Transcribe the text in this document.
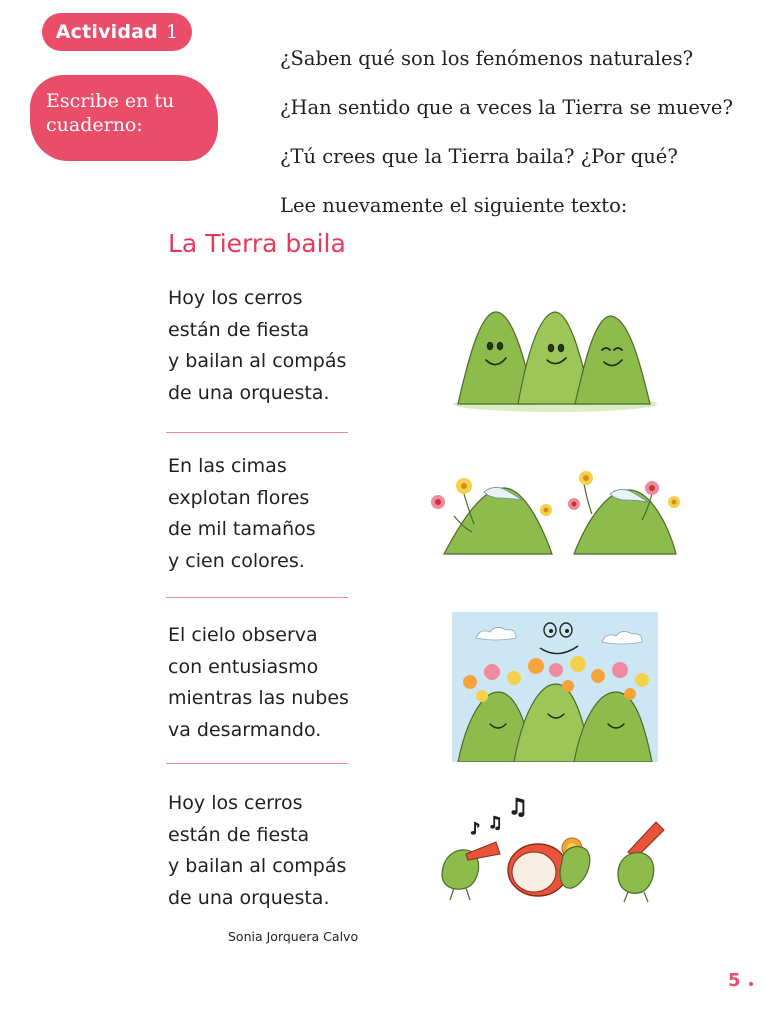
Actividad 1
Escribe en tu
cuaderno:

¿Saben qué son los fenómenos naturales?

¿Han sentido que a veces la Tierra se mueve?

¿Tú crees que la Tierra baila? ¿Por qué?

Lee nuevamente el siguiente texto:

La Tierra baila
Hoy los cerros
están de fiesta
y bailan al compás
de una orquesta.
En las cimas
explotan flores
de mil tamaños
y cien colores.
El cielo observa
con entusiasmo
mientras las nubes
va desarmando.
Hoy los cerros
están de fiesta
y bailan al compás
de una orquesta.
Sonia Jorquera Calvo
♪ ♫
♫
5
